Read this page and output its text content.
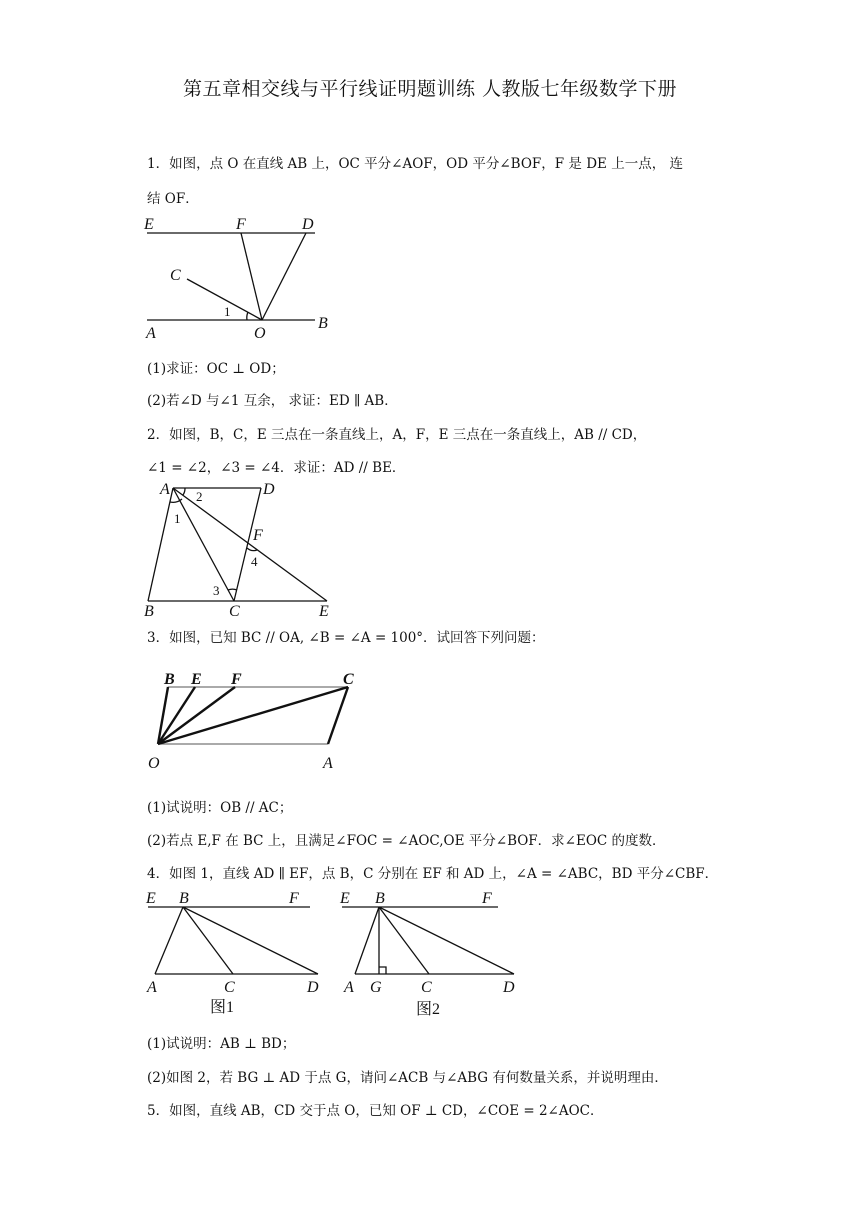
第五章相交线与平行线证明题训练 人教版七年级数学下册
1．如图，点 O 在直线 AB 上，OC 平分∠AOF，OD 平分∠BOF，F 是 DE 上一点， 连
结 OF．
E	F	D
C
A	O
B
1
(1)求证：OC ⊥ OD；
(2)若∠D 与∠1 互余， 求证：ED ∥ AB．
2．如图，B，C，E 三点在一条直线上，A，F，E 三点在一条直线上，AB // CD，
∠1 = ∠2，∠3 = ∠4．求证：AD // BE．
A	D
F
B	C	E
1
2
3
4
3．如图，已知 BC // OA, ∠B = ∠A = 100°．试回答下列问题：
B E F	C
O	A
(1)试说明：OB // AC；
(2)若点 E,F 在 BC 上，且满足∠FOC = ∠AOC,OE 平分∠BOF．求∠EOC 的度数．
4．如图 1，直线 AD ∥ EF，点 B，C 分别在 EF 和 AD 上，∠A = ∠ABC，BD 平分∠CBF．
E B	F
A	C	D
图1
E B	F
A G C	D
图2
(1)试说明：AB ⊥ BD；
(2)如图 2，若 BG ⊥ AD 于点 G，请问∠ACB 与∠ABG 有何数量关系，并说明理由．
5．如图，直线 AB，CD 交于点 O，已知 OF ⊥ CD，∠COE = 2∠AOC．
